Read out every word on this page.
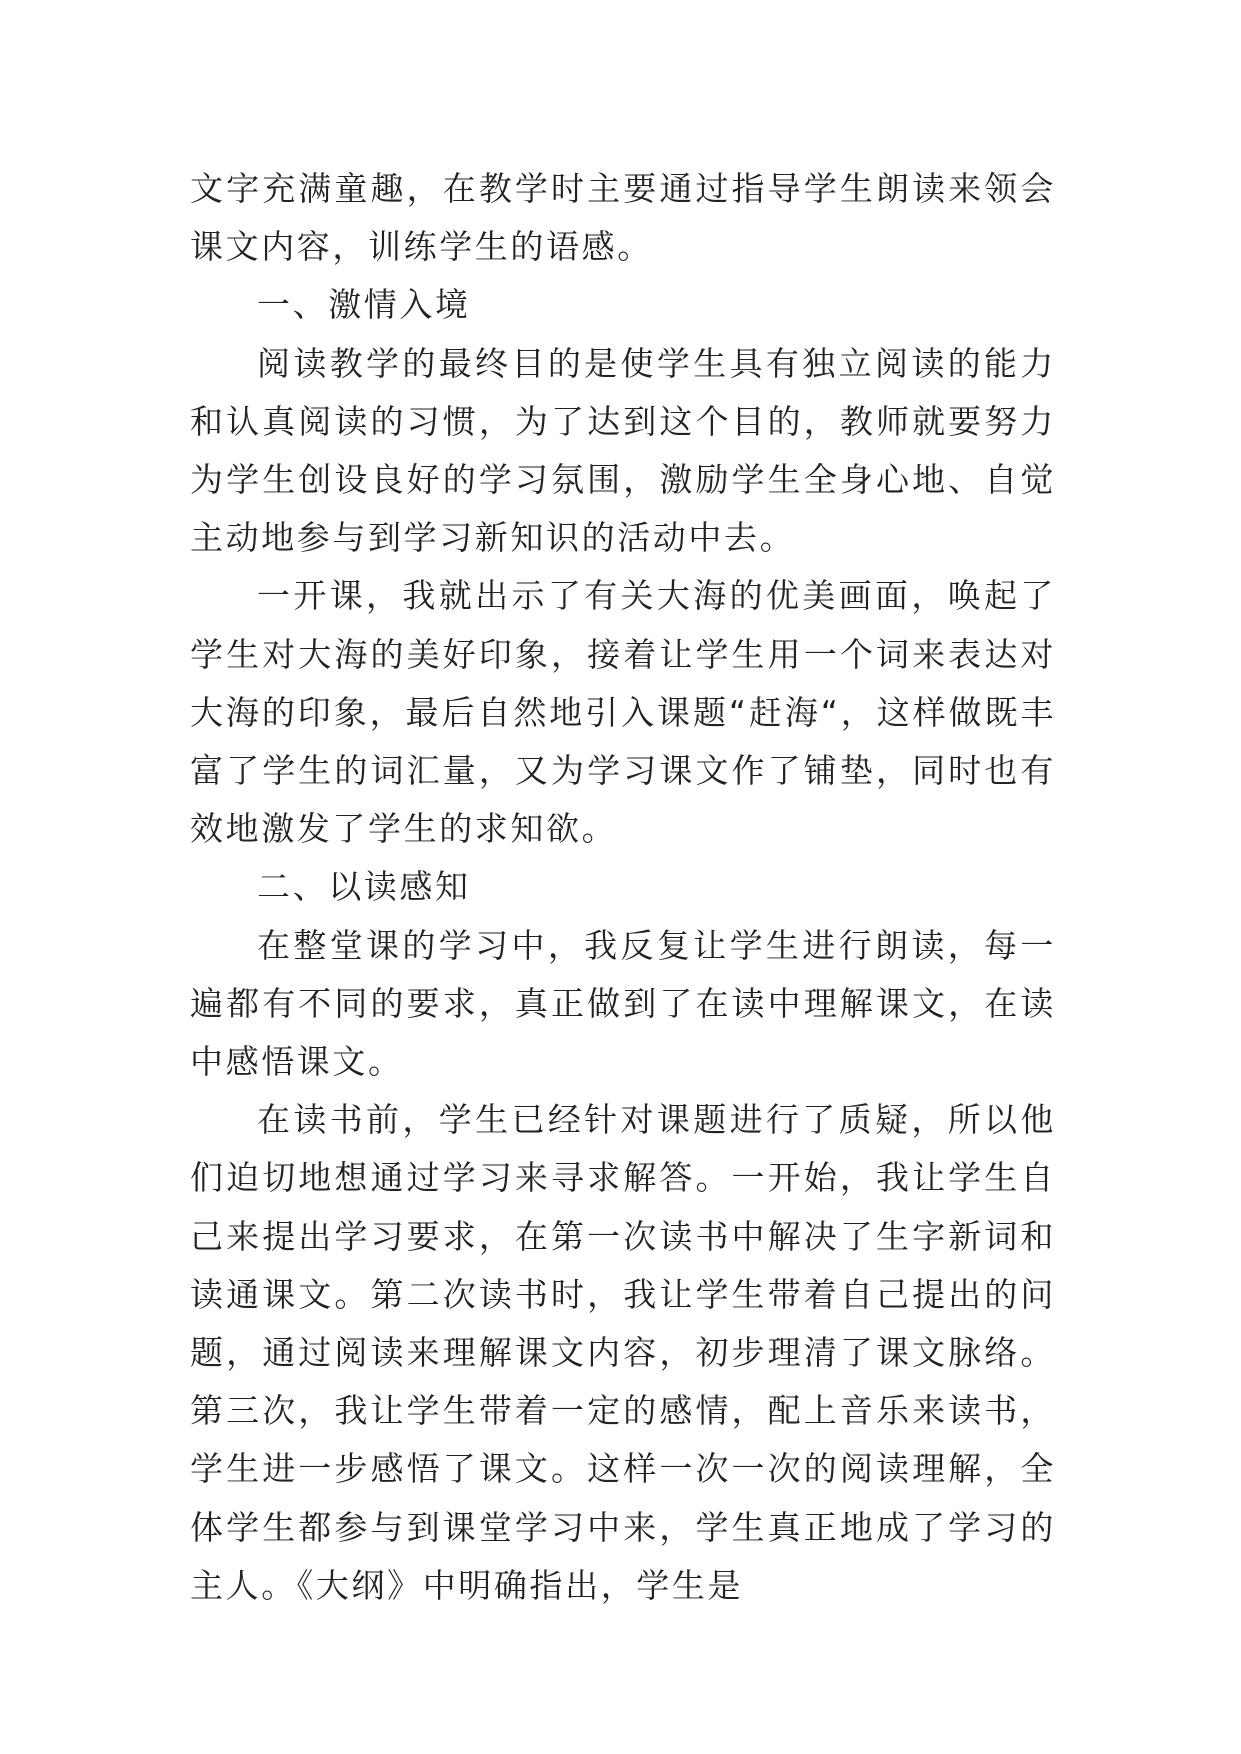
文字充满童趣，在教学时主要通过指导学生朗读来领会课文内容，训练学生的语感。

一、激情入境

阅读教学的最终目的是使学生具有独立阅读的能力和认真阅读的习惯，为了达到这个目的，教师就要努力为学生创设良好的学习氛围，激励学生全身心地、自觉主动地参与到学习新知识的活动中去。

一开课，我就出示了有关大海的优美画面，唤起了学生对大海的美好印象，接着让学生用一个词来表达对大海的印象，最后自然地引入课题“赶海“，这样做既丰富了学生的词汇量，又为学习课文作了铺垫，同时也有效地激发了学生的求知欲。

二、以读感知

在整堂课的学习中，我反复让学生进行朗读，每一遍都有不同的要求，真正做到了在读中理解课文，在读中感悟课文。

在读书前，学生已经针对课题进行了质疑，所以他们迫切地想通过学习来寻求解答。一开始，我让学生自己来提出学习要求，在第一次读书中解决了生字新词和读通课文。第二次读书时，我让学生带着自己提出的问题，通过阅读来理解课文内容，初步理清了课文脉络。第三次，我让学生带着一定的感情，配上音乐来读书，学生进一步感悟了课文。这样一次一次的阅读理解，全体学生都参与到课堂学习中来，学生真正地成了学习的主人。《大纲》中明确指出，学生是
